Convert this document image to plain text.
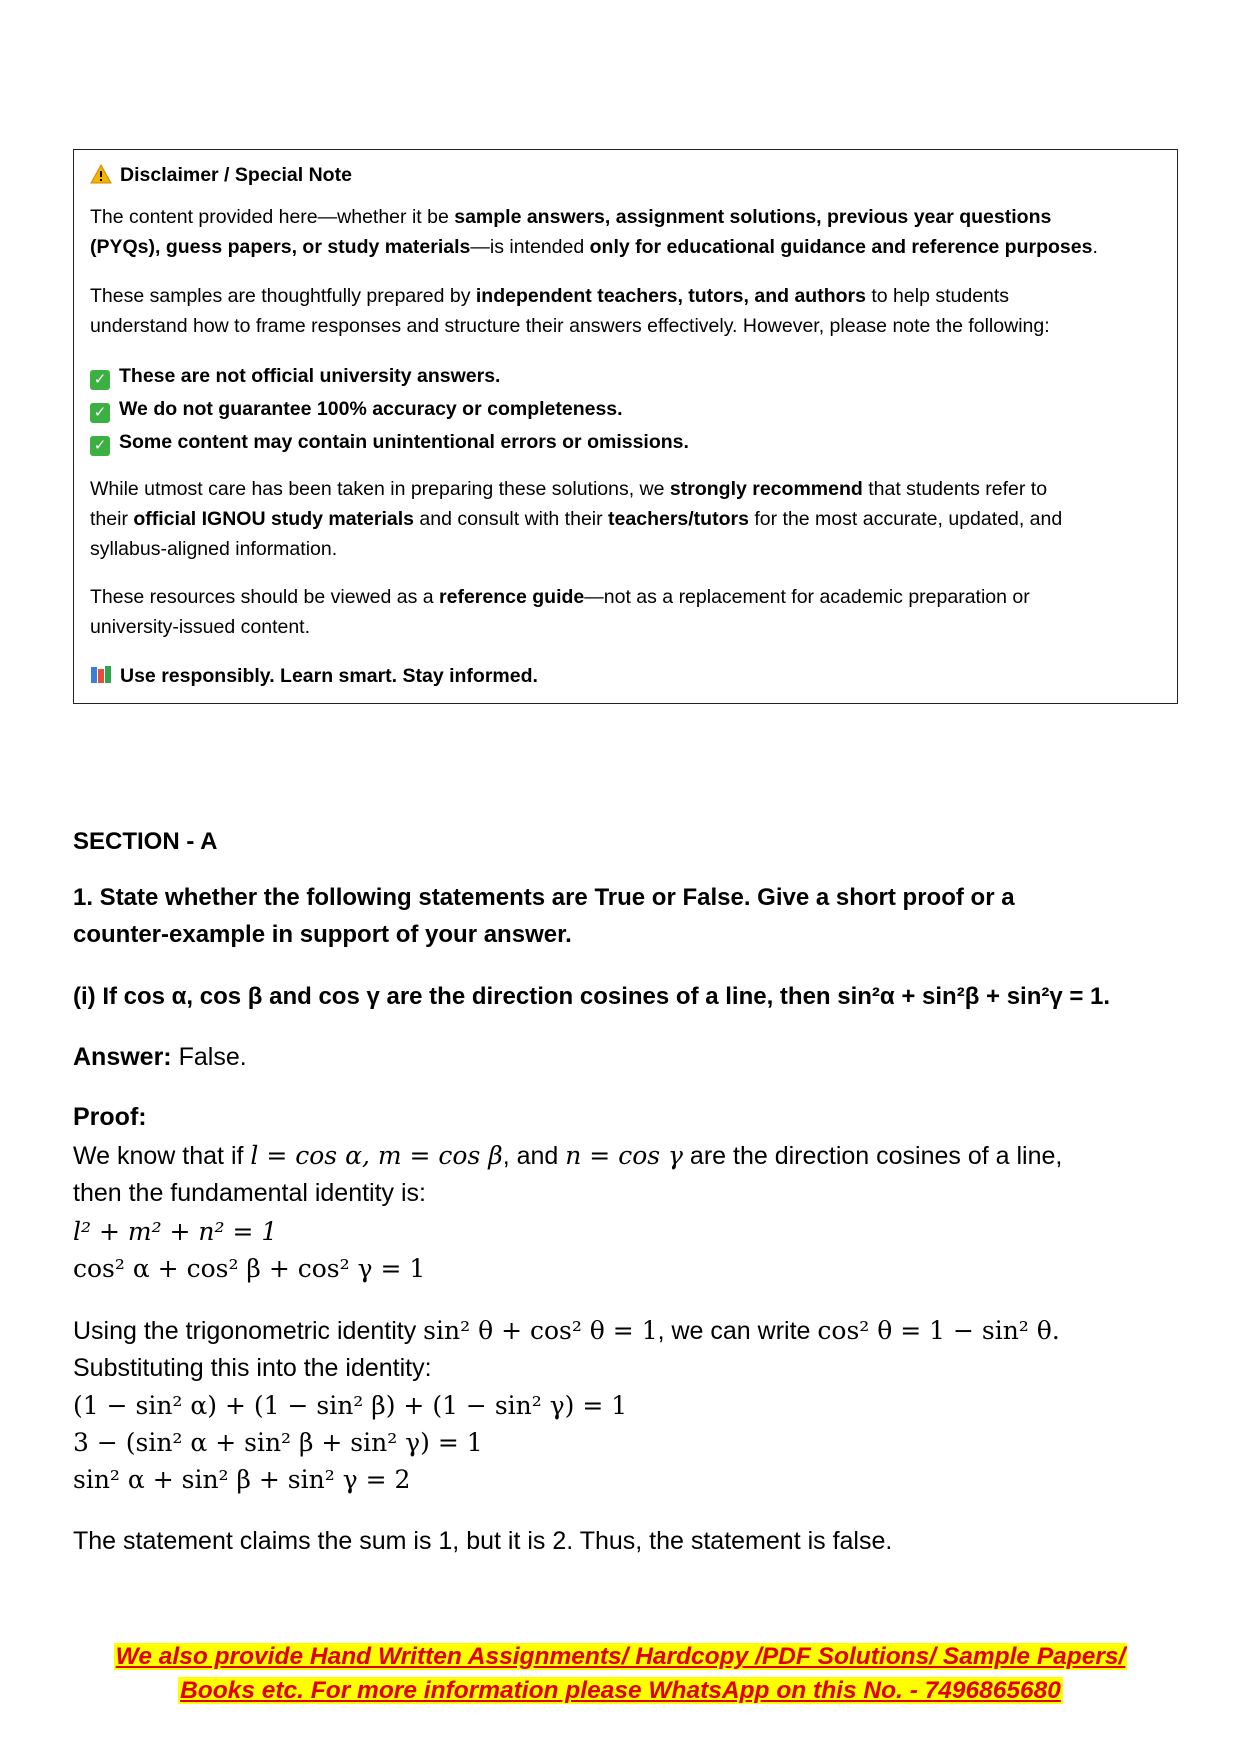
Disclaimer / Special Note
The content provided here—whether it be sample answers, assignment solutions, previous year questions
(PYQs), guess papers, or study materials—is intended only for educational guidance and reference purposes.
These samples are thoughtfully prepared by independent teachers, tutors, and authors to help students
understand how to frame responses and structure their answers effectively. However, please note the following:
✓ These are not official university answers.
✓ We do not guarantee 100% accuracy or completeness.
✓ Some content may contain unintentional errors or omissions.
While utmost care has been taken in preparing these solutions, we strongly recommend that students refer to
their official IGNOU study materials and consult with their teachers/tutors for the most accurate, updated, and
syllabus-aligned information.
These resources should be viewed as a reference guide—not as a replacement for academic preparation or
university-issued content.
Use responsibly. Learn smart. Stay informed.
SECTION - A
1. State whether the following statements are True or False. Give a short proof or a
counter-example in support of your answer.
(i) If cos α, cos β and cos γ are the direction cosines of a line, then sin²α + sin²β + sin²γ = 1.
Answer: False.
Proof:
We know that if l = cos α, m = cos β, and n = cos γ are the direction cosines of a line,
then the fundamental identity is:
l² + m² + n² = 1
cos² α + cos² β + cos² γ = 1
Using the trigonometric identity sin² θ + cos² θ = 1, we can write cos² θ = 1 − sin² θ.
Substituting this into the identity:
(1 − sin² α) + (1 − sin² β) + (1 − sin² γ) = 1
3 − (sin² α + sin² β + sin² γ) = 1
sin² α + sin² β + sin² γ = 2
The statement claims the sum is 1, but it is 2. Thus, the statement is false.
We also provide Hand Written Assignments/ Hardcopy /PDF Solutions/ Sample Papers/
Books etc. For more information please WhatsApp on this No. - 7496865680
